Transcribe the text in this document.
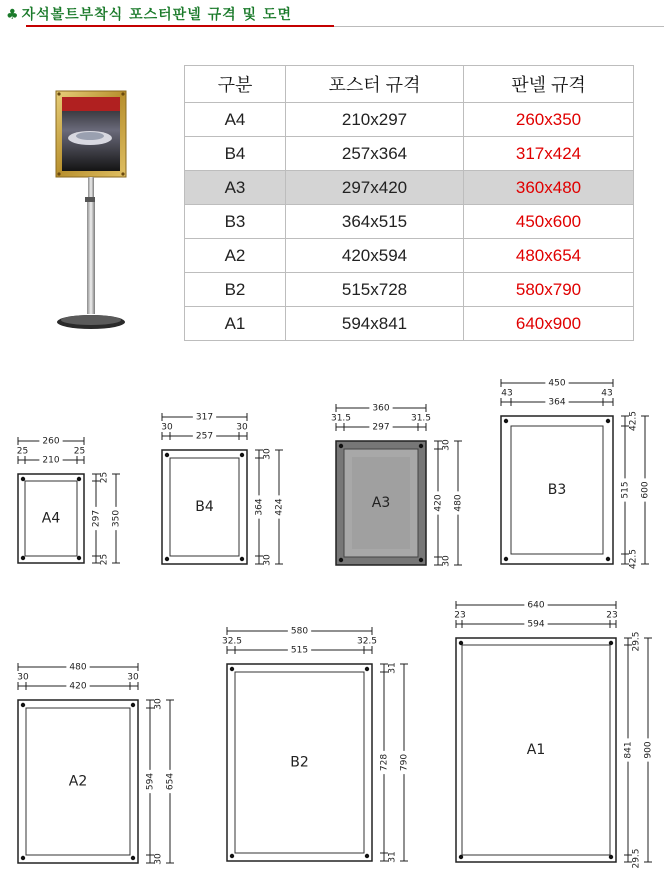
♣ 자석볼트부착식 포스터판넬 규격 및 도면
구분	포스터 규격	판넬 규격
A4	210x297	260x350
B4	257x364	317x424
A3	297x420	360x480
B3	364x515	450x600
A2	420x594	480x654
B2	515x728	580x790
A1	594x841	640x900
A4
260
210
25	25
297
25
25
350
B4
317
257
30	30
364
30
30
424	A3
360
297
31.5	31.5
420
30
30
480
B3
450
364
43	43
515
42.5
42.5
600
A2
480
420
30	30
594
30
30
654
B2
580
515
32.5	32.5
728
31
31
790
A1
640
594
23	23
841
29.5
29.5
900
